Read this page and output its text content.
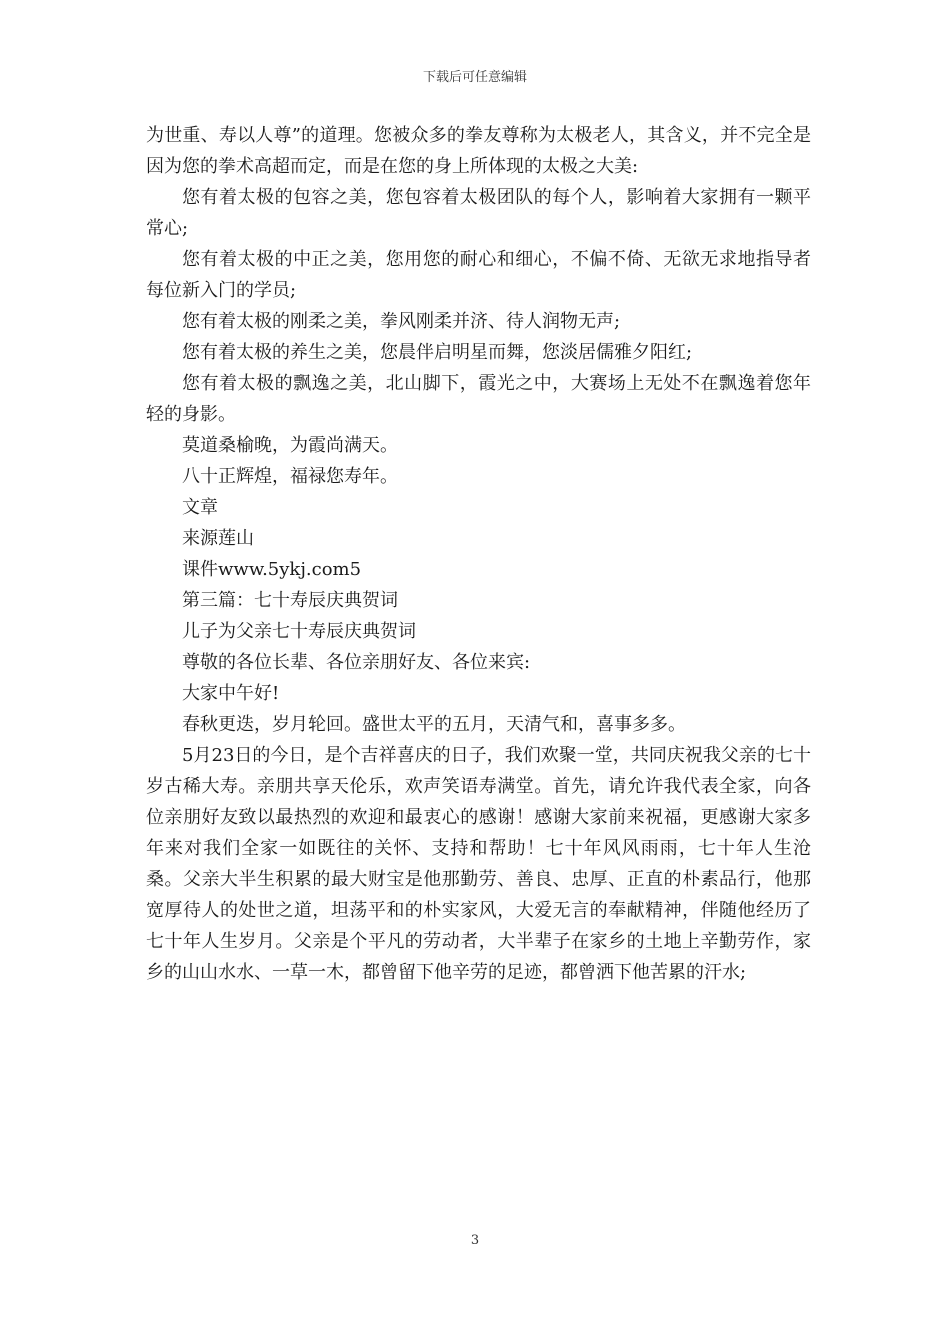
下载后可任意编辑

为世重、寿以人尊”的道理。您被众多的拳友尊称为太极老人，其含义，并不完全是因为您的拳术高超而定，而是在您的身上所体现的太极之大美:

您有着太极的包容之美，您包容着太极团队的每个人，影响着大家拥有一颗平常心;

您有着太极的中正之美，您用您的耐心和细心，不偏不倚、无欲无求地指导者每位新入门的学员;

您有着太极的刚柔之美，拳风刚柔并济、待人润物无声;

您有着太极的养生之美，您晨伴启明星而舞，您淡居儒雅夕阳红;

您有着太极的飘逸之美，北山脚下，霞光之中，大赛场上无处不在飘逸着您年轻的身影。

莫道桑榆晚，为霞尚满天。

八十正辉煌，福禄您寿年。

文章

来源莲山

课件www.5ykj.com5

第三篇：七十寿辰庆典贺词

儿子为父亲七十寿辰庆典贺词

尊敬的各位长辈、各位亲朋好友、各位来宾:

大家中午好!

春秋更迭，岁月轮回。盛世太平的五月，天清气和，喜事多多。

5月23日的今日，是个吉祥喜庆的日子，我们欢聚一堂，共同庆祝我父亲的七十岁古稀大寿。亲朋共享天伦乐，欢声笑语寿满堂。首先，请允许我代表全家，向各位亲朋好友致以最热烈的欢迎和最衷心的感谢！感谢大家前来祝福，更感谢大家多年来对我们全家一如既往的关怀、支持和帮助！七十年风风雨雨，七十年人生沧桑。父亲大半生积累的最大财宝是他那勤劳、善良、忠厚、正直的朴素品行，他那宽厚待人的处世之道，坦荡平和的朴实家风，大爱无言的奉献精神，伴随他经历了七十年人生岁月。父亲是个平凡的劳动者，大半辈子在家乡的土地上辛勤劳作，家乡的山山水水、一草一木，都曾留下他辛劳的足迹，都曾洒下他苦累的汗水;

3
